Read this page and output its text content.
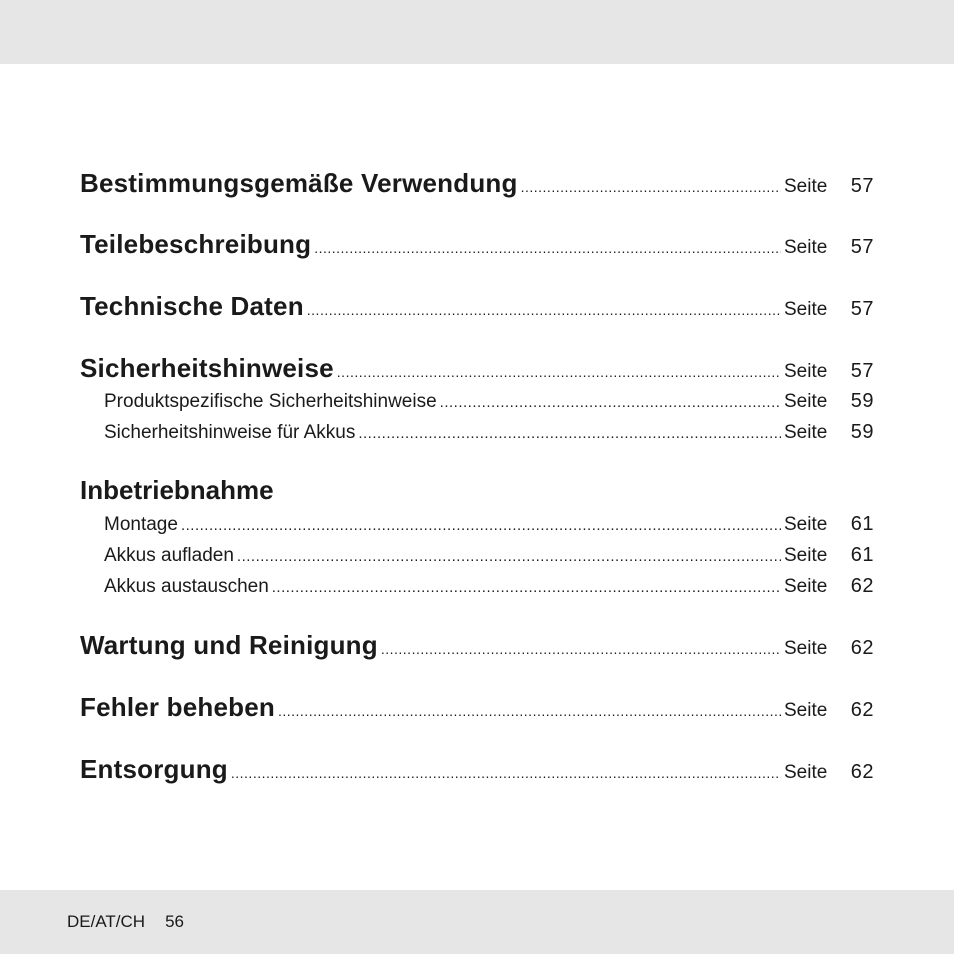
Bestimmungsgemäße Verwendung .....	Seite	57
Teilebeschreibung .....	Seite	57
Technische Daten .....	Seite	57
Sicherheitshinweise .....	Seite	57
Produktspezifische Sicherheitshinweise .....	Seite	59
Sicherheitshinweise für Akkus .....	Seite	59
Inbetriebnahme
Montage .....	Seite	61
Akkus aufladen .....	Seite	61
Akkus austauschen .....	Seite	62
Wartung und Reinigung .....	Seite	62
Fehler beheben .....	Seite	62
Entsorgung .....	Seite	62
DE/AT/CH 56
